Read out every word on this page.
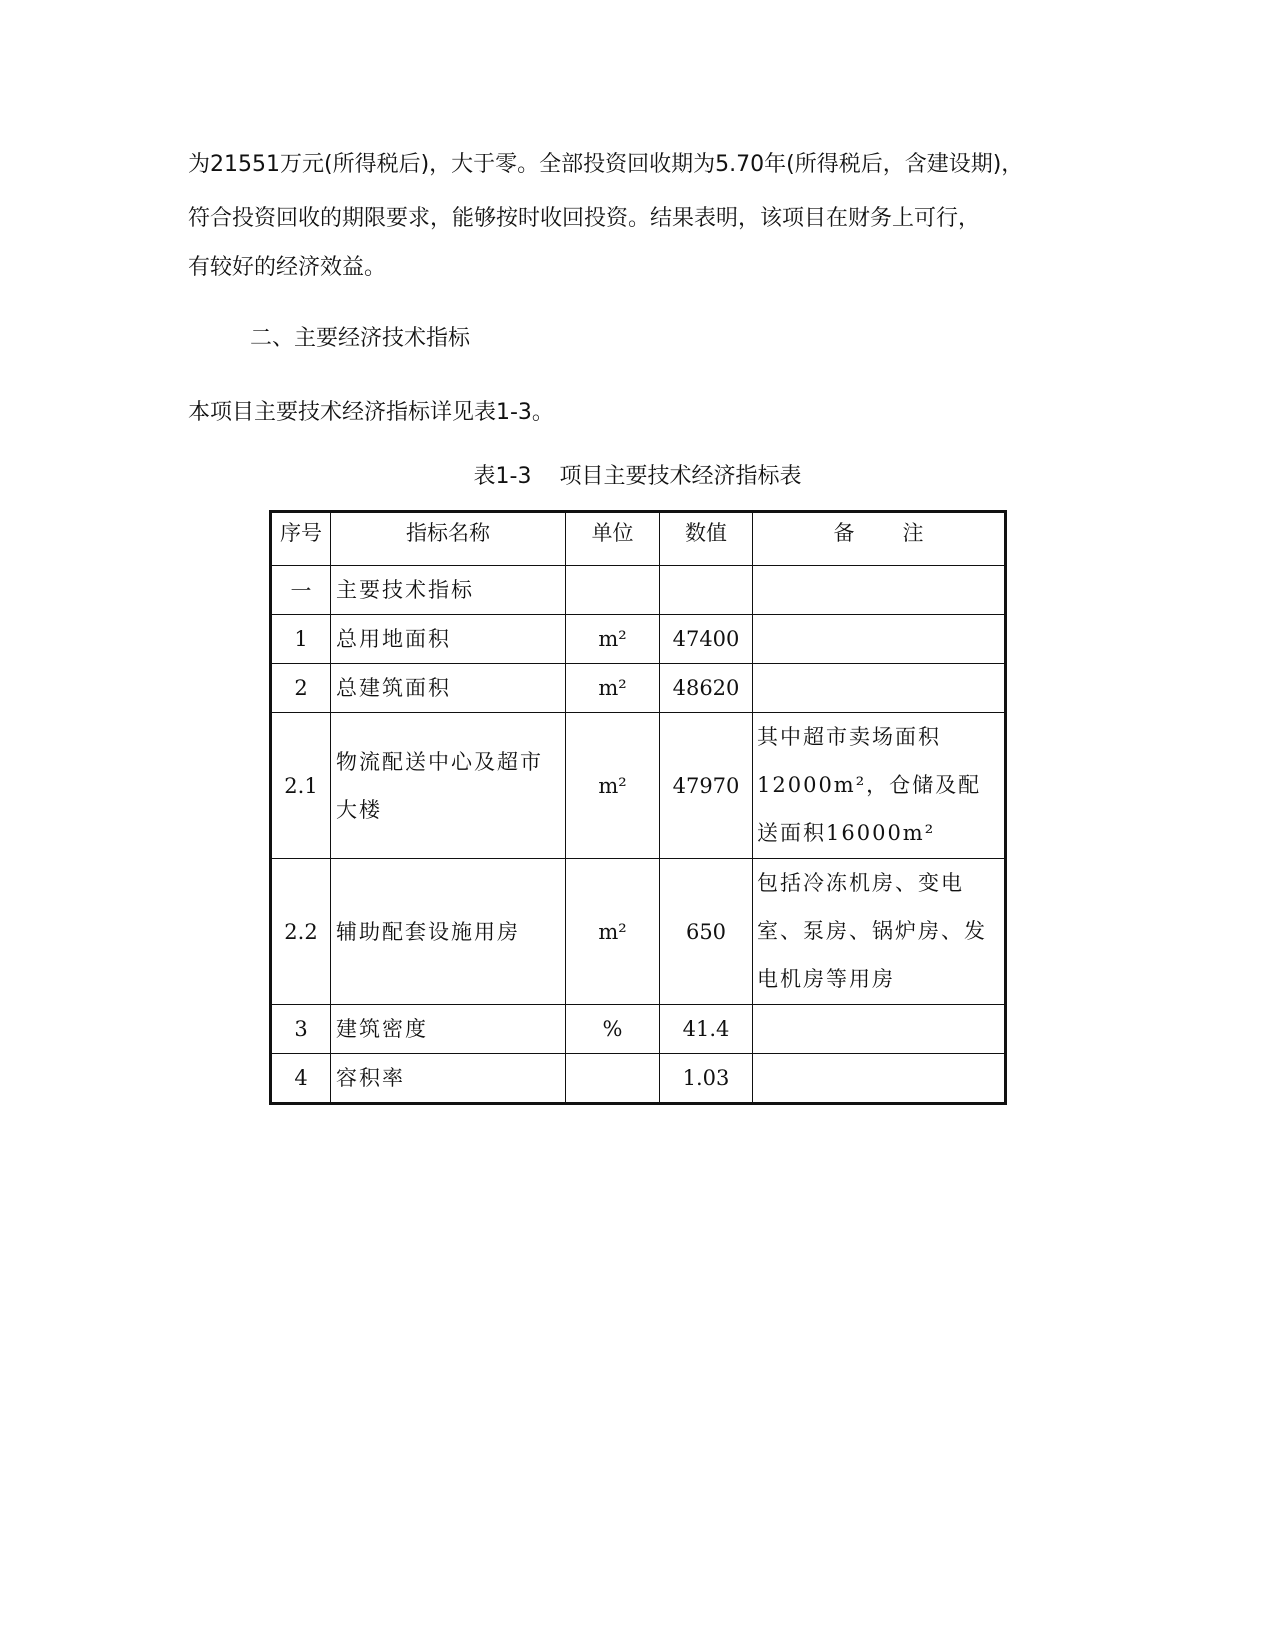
为21551万元(所得税后)，大于零。全部投资回收期为5.70年(所得税后，含建设期)，
符合投资回收的期限要求，能够按时收回投资。结果表明，该项目在财务上可行，
有较好的经济效益。
二、主要经济技术指标
本项目主要技术经济指标详见表1-3。
表1-3 项目主要技术经济指标表
序号	指标名称	单位	数值	备注
一	主要技术指标			
1	总用地面积	m²	47400	
2	总建筑面积	m²	48620	
2.1	物流配送中心及超市大楼	m²	47970	其中超市卖场面积12000m²，仓储及配送面积16000m²
2.2	辅助配套设施用房	m²	650	包括冷冻机房、变电室、泵房、锅炉房、发电机房等用房
3	建筑密度	%	41.4	
4	容积率		1.03	
